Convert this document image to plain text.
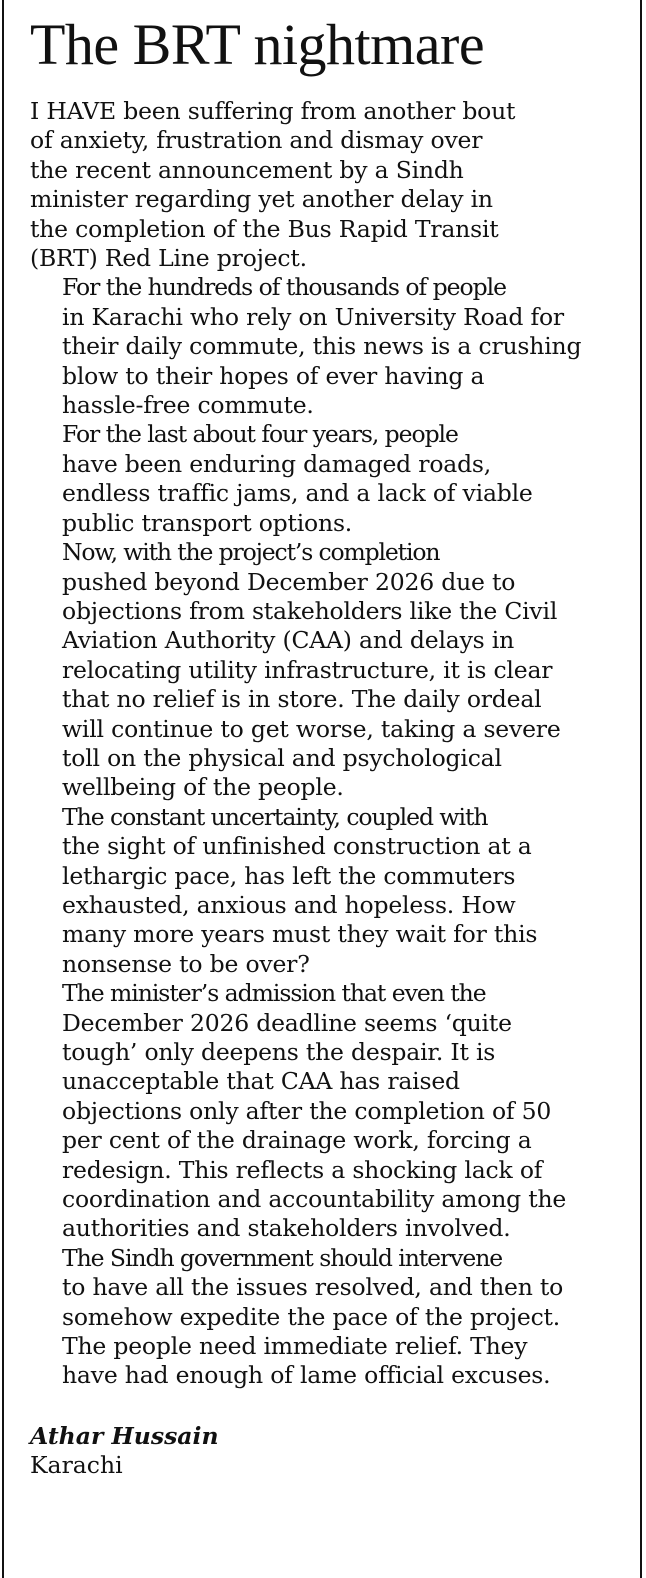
The BRT nightmare

I HAVE been suffering from another bout
of anxiety, frustration and dismay over
the recent announcement by a Sindh
minister regarding yet another delay in
the completion of the Bus Rapid Transit
(BRT) Red Line project.

For the hundreds of thousands of people
in Karachi who rely on University Road for
their daily commute, this news is a crushing
blow to their hopes of ever having a
hassle-free commute.

For the last about four years, people
have been enduring damaged roads,
endless traffic jams, and a lack of viable
public transport options.

Now, with the project’s completion
pushed beyond December 2026 due to
objections from stakeholders like the Civil
Aviation Authority (CAA) and delays in
relocating utility infrastructure, it is clear
that no relief is in store. The daily ordeal
will continue to get worse, taking a severe
toll on the physical and psychological
wellbeing of the people.

The constant uncertainty, coupled with
the sight of unfinished construction at a
lethargic pace, has left the commuters
exhausted, anxious and hopeless. How
many more years must they wait for this
nonsense to be over?

The minister’s admission that even the
December 2026 deadline seems ‘quite
tough’ only deepens the despair. It is
unacceptable that CAA has raised
objections only after the completion of 50
per cent of the drainage work, forcing a
redesign. This reflects a shocking lack of
coordination and accountability among the
authorities and stakeholders involved.

The Sindh government should intervene
to have all the issues resolved, and then to
somehow expedite the pace of the project.
The people need immediate relief. They
have had enough of lame official excuses.

Athar Hussain
Karachi
